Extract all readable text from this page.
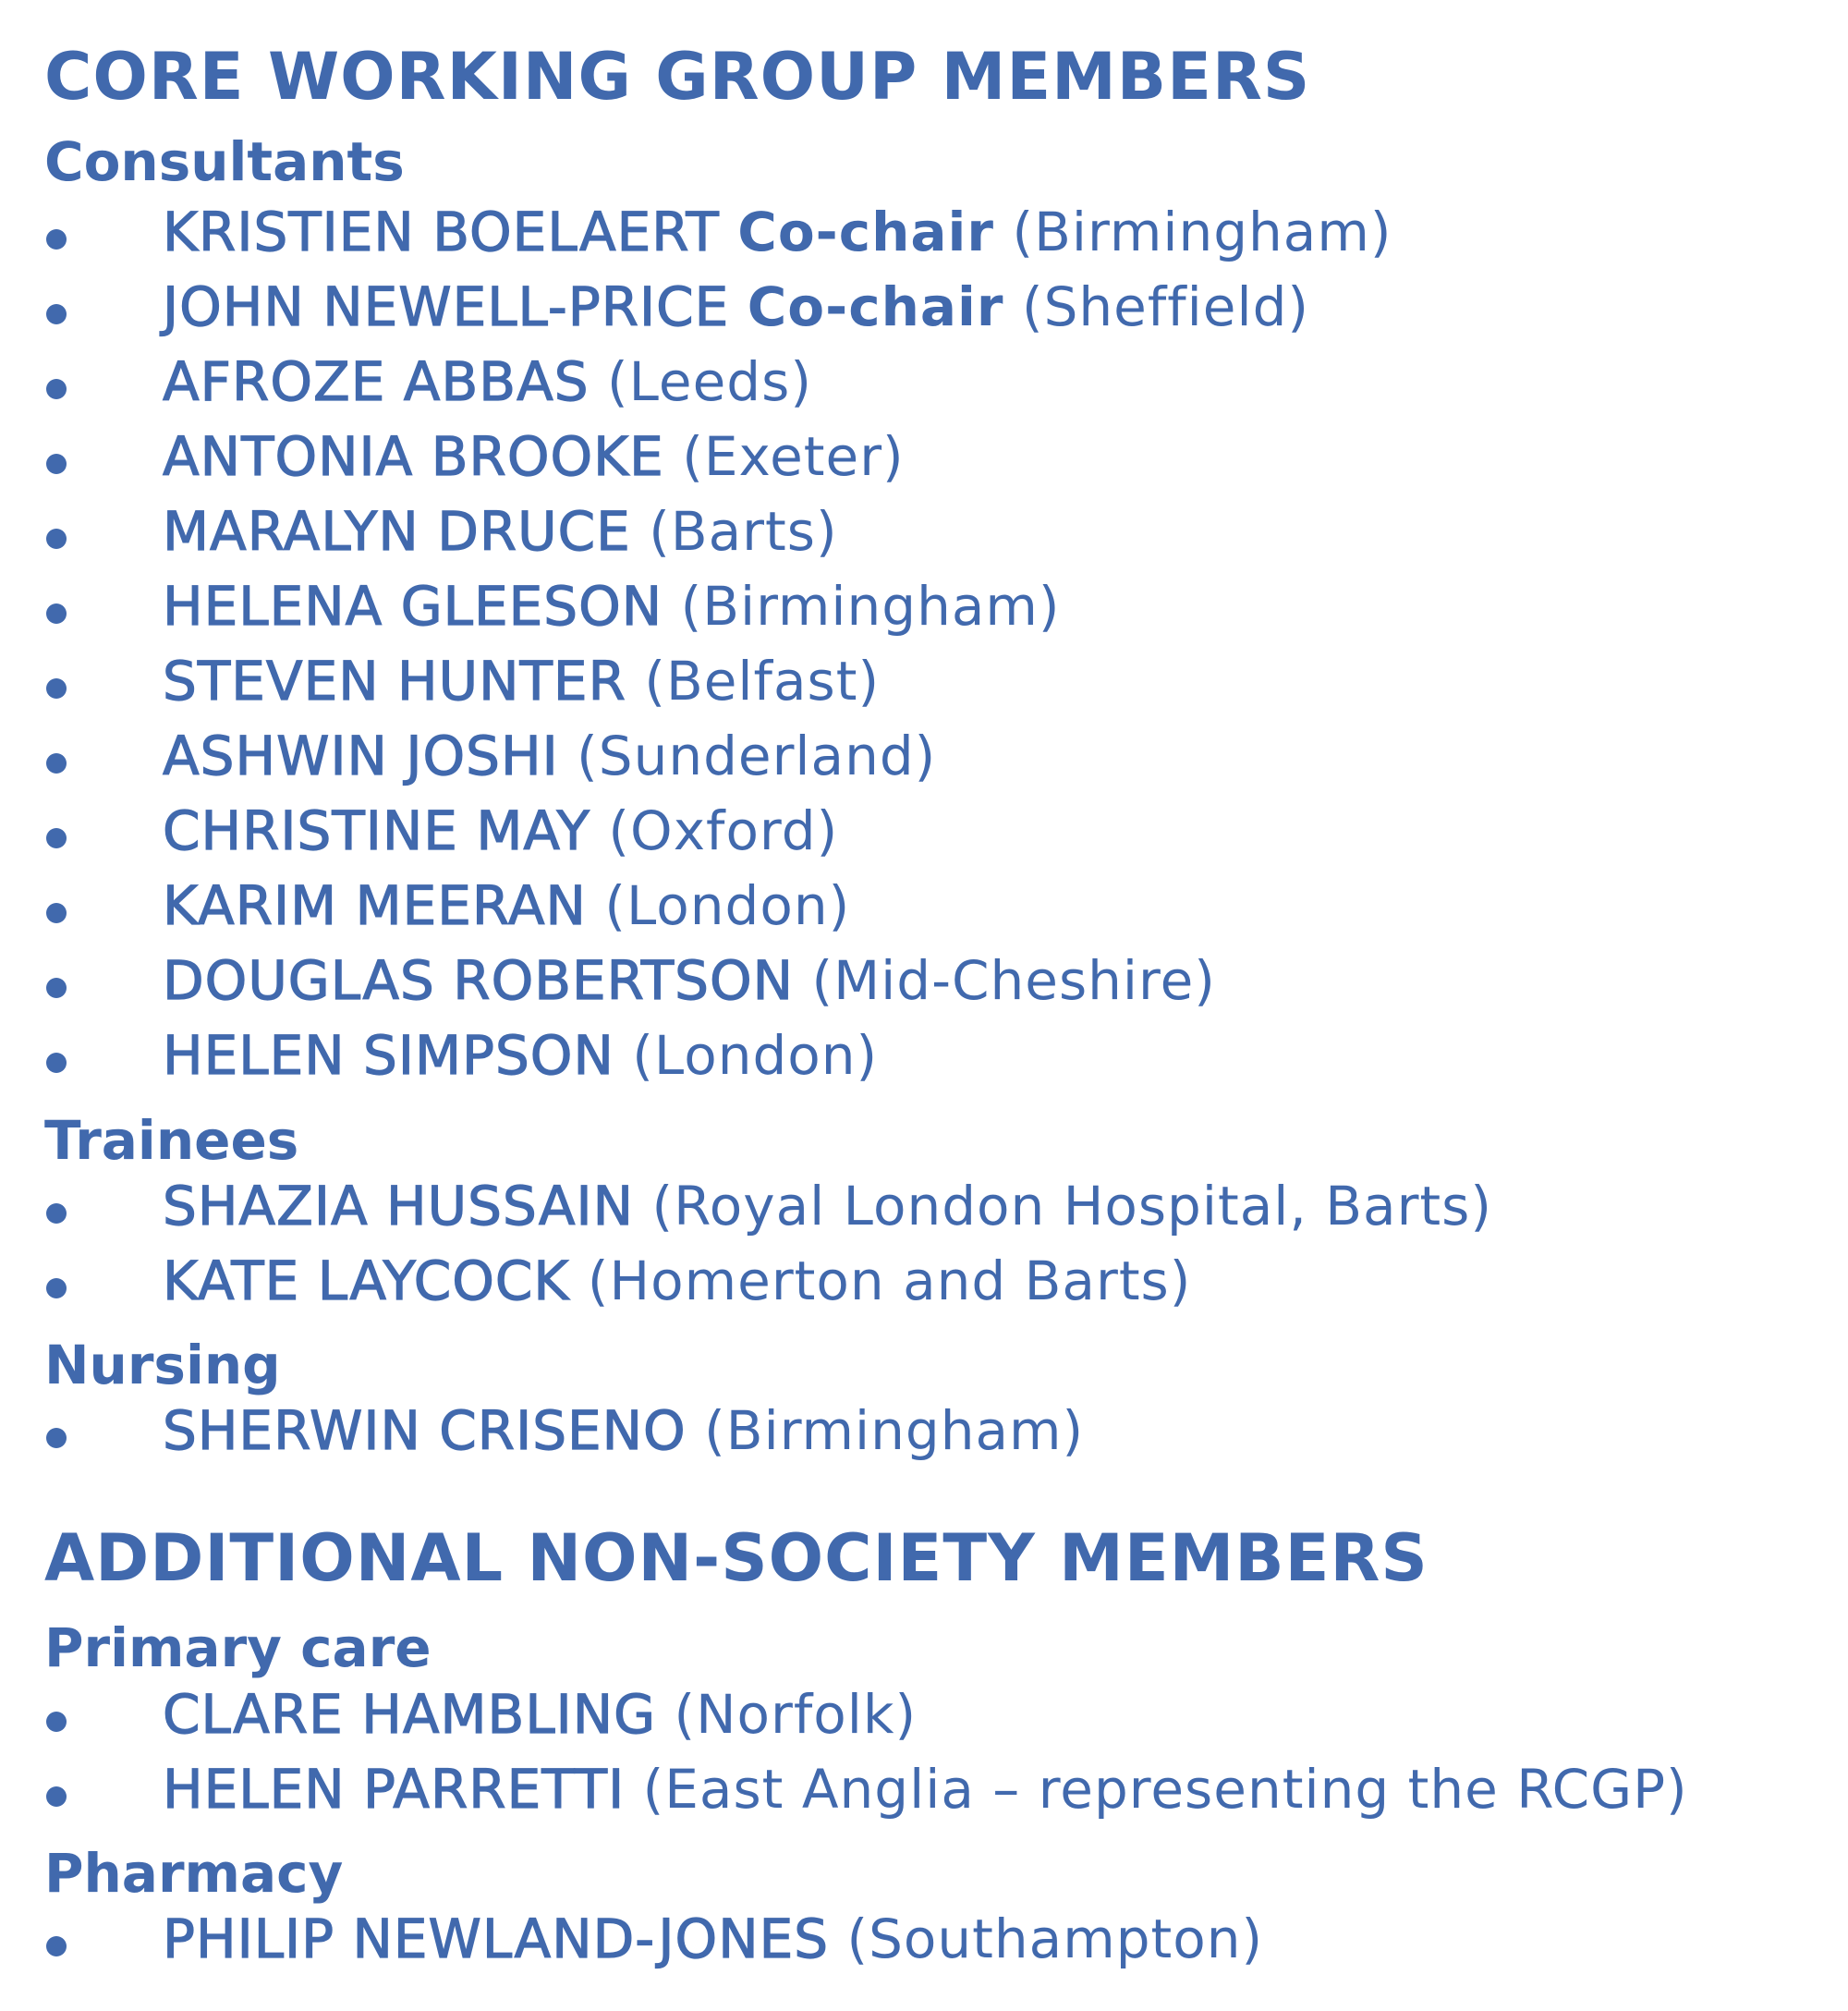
CORE WORKING GROUP MEMBERS
Consultants
KRISTIEN BOELAERT Co-chair (Birmingham)
JOHN NEWELL-PRICE Co-chair (Sheffield)
AFROZE ABBAS (Leeds)
ANTONIA BROOKE (Exeter)
MARALYN DRUCE (Barts)
HELENA GLEESON (Birmingham)
STEVEN HUNTER (Belfast)
ASHWIN JOSHI (Sunderland)
CHRISTINE MAY (Oxford)
KARIM MEERAN (London)
DOUGLAS ROBERTSON (Mid-Cheshire)
HELEN SIMPSON (London)
Trainees
SHAZIA HUSSAIN (Royal London Hospital, Barts)
KATE LAYCOCK (Homerton and Barts)
Nursing
SHERWIN CRISENO (Birmingham)
ADDITIONAL NON-SOCIETY MEMBERS
Primary care
CLARE HAMBLING (Norfolk)
HELEN PARRETTI (East Anglia – representing the RCGP)
Pharmacy
PHILIP NEWLAND-JONES (Southampton)
